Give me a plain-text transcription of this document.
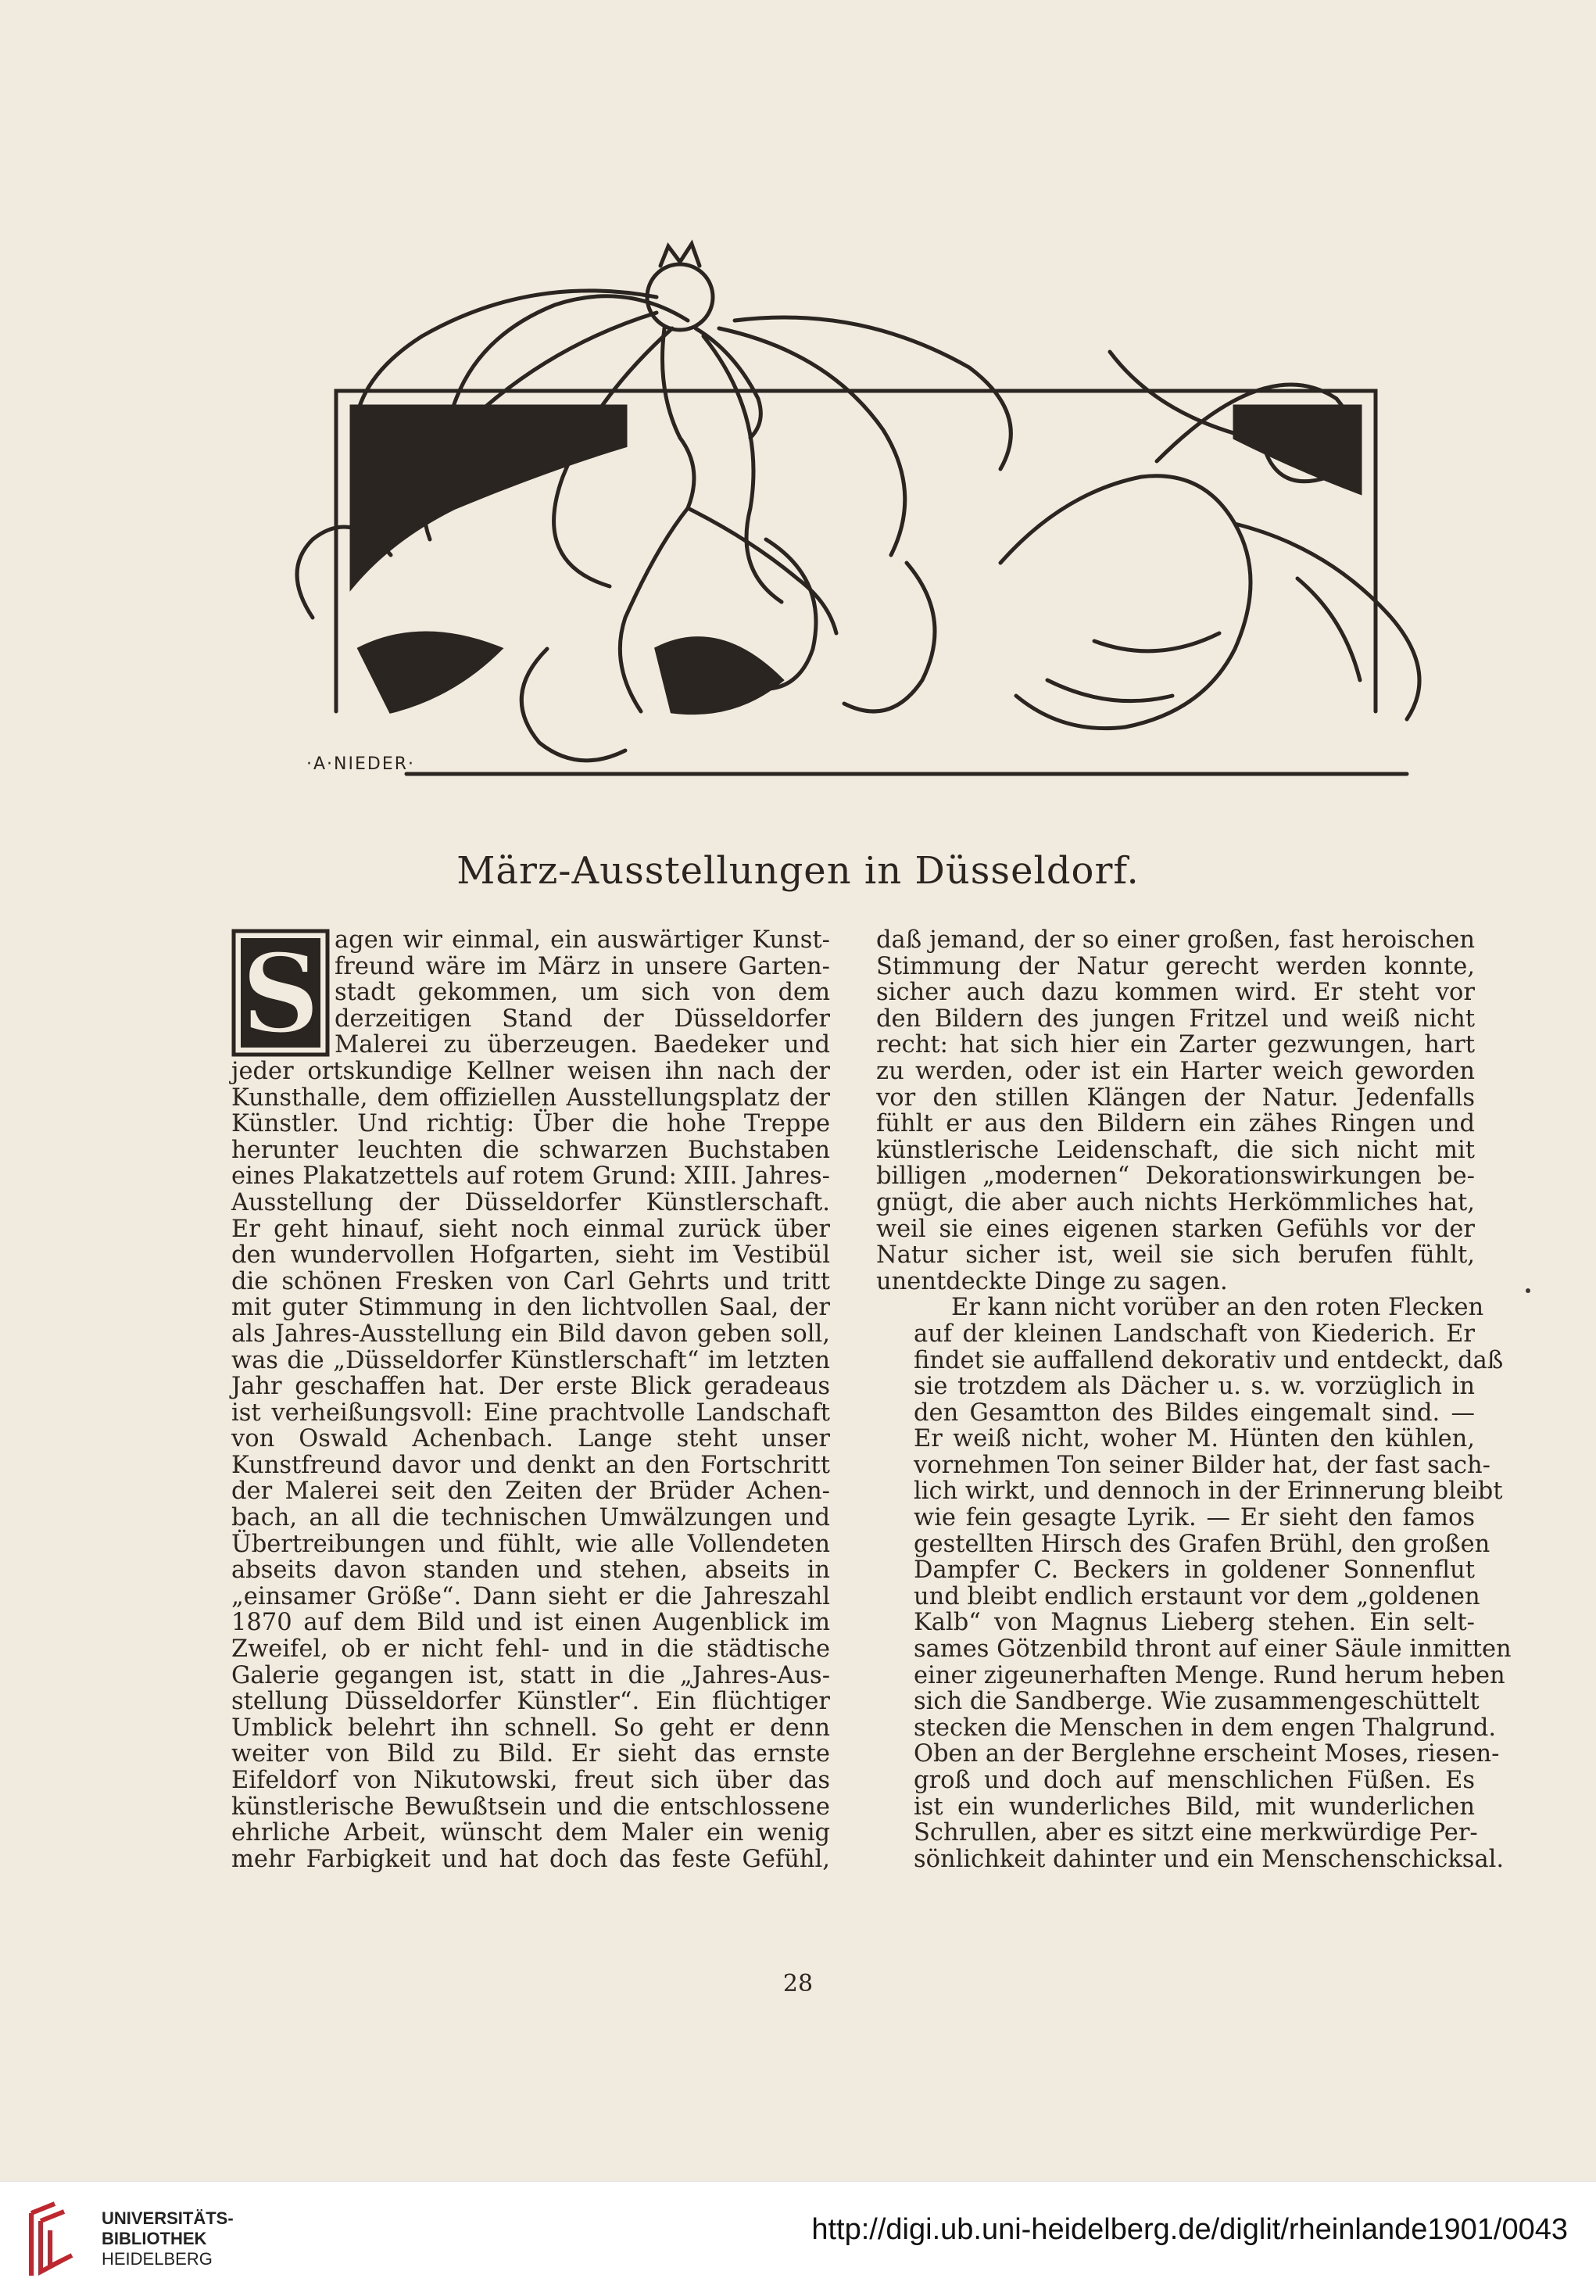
·A·NIEDER·
März-Ausstellungen in Düsseldorf.
S agen wir einmal, ein auswärtiger Kunst-
freund wäre im März in unsere Garten-
stadt gekommen, um sich von dem
derzeitigen Stand der Düsseldorfer
Malerei zu überzeugen. Baedeker und
jeder ortskundige Kellner weisen ihn nach der
Kunsthalle, dem offiziellen Ausstellungsplatz der
Künstler. Und richtig: Über die hohe Treppe
herunter leuchten die schwarzen Buchstaben
eines Plakatzettels auf rotem Grund: XIII. Jahres-
Ausstellung der Düsseldorfer Künstlerschaft.
Er geht hinauf, sieht noch einmal zurück über
den wundervollen Hofgarten, sieht im Vestibül
die schönen Fresken von Carl Gehrts und tritt
mit guter Stimmung in den lichtvollen Saal, der
als Jahres-Ausstellung ein Bild davon geben soll,
was die „Düsseldorfer Künstlerschaft“ im letzten
Jahr geschaffen hat. Der erste Blick geradeaus
ist verheißungsvoll: Eine prachtvolle Landschaft
von Oswald Achenbach. Lange steht unser
Kunstfreund davor und denkt an den Fortschritt
der Malerei seit den Zeiten der Brüder Achen-
bach, an all die technischen Umwälzungen und
Übertreibungen und fühlt, wie alle Vollendeten
abseits davon standen und stehen, abseits in
„einsamer Größe“. Dann sieht er die Jahreszahl
1870 auf dem Bild und ist einen Augenblick im
Zweifel, ob er nicht fehl- und in die städtische
Galerie gegangen ist, statt in die „Jahres-Aus-
stellung Düsseldorfer Künstler“. Ein flüchtiger
Umblick belehrt ihn schnell. So geht er denn
weiter von Bild zu Bild. Er sieht das ernste
Eifeldorf von Nikutowski, freut sich über das
künstlerische Bewußtsein und die entschlossene
ehrliche Arbeit, wünscht dem Maler ein wenig
mehr Farbigkeit und hat doch das feste Gefühl,

daß jemand, der so einer großen, fast heroischen
Stimmung der Natur gerecht werden konnte,
sicher auch dazu kommen wird. Er steht vor
den Bildern des jungen Fritzel und weiß nicht
recht: hat sich hier ein Zarter gezwungen, hart
zu werden, oder ist ein Harter weich geworden
vor den stillen Klängen der Natur. Jedenfalls
fühlt er aus den Bildern ein zähes Ringen und
künstlerische Leidenschaft, die sich nicht mit
billigen „modernen“ Dekorationswirkungen be-
gnügt, die aber auch nichts Herkömmliches hat,
weil sie eines eigenen starken Gefühls vor der
Natur sicher ist, weil sie sich berufen fühlt,
unentdeckte Dinge zu sagen.

Er kann nicht vorüber an den roten Flecken
auf der kleinen Landschaft von Kiederich. Er
findet sie auffallend dekorativ und entdeckt, daß
sie trotzdem als Dächer u. s. w. vorzüglich in
den Gesamtton des Bildes eingemalt sind. —
Er weiß nicht, woher M. Hünten den kühlen,
vornehmen Ton seiner Bilder hat, der fast sach-
lich wirkt, und dennoch in der Erinnerung bleibt
wie fein gesagte Lyrik. — Er sieht den famos
gestellten Hirsch des Grafen Brühl, den großen
Dampfer C. Beckers in goldener Sonnenflut
und bleibt endlich erstaunt vor dem „goldenen
Kalb“ von Magnus Lieberg stehen. Ein selt-
sames Götzenbild thront auf einer Säule inmitten
einer zigeunerhaften Menge. Rund herum heben
sich die Sandberge. Wie zusammengeschüttelt
stecken die Menschen in dem engen Thalgrund.
Oben an der Berglehne erscheint Moses, riesen-
groß und doch auf menschlichen Füßen. Es
ist ein wunderliches Bild, mit wunderlichen
Schrullen, aber es sitzt eine merkwürdige Per-
sönlichkeit dahinter und ein Menschenschicksal.

28
UNIVERSITÄTS-
BIBLIOTHEK
HEIDELBERG
http://digi.ub.uni-heidelberg.de/diglit/rheinlande1901/0043
